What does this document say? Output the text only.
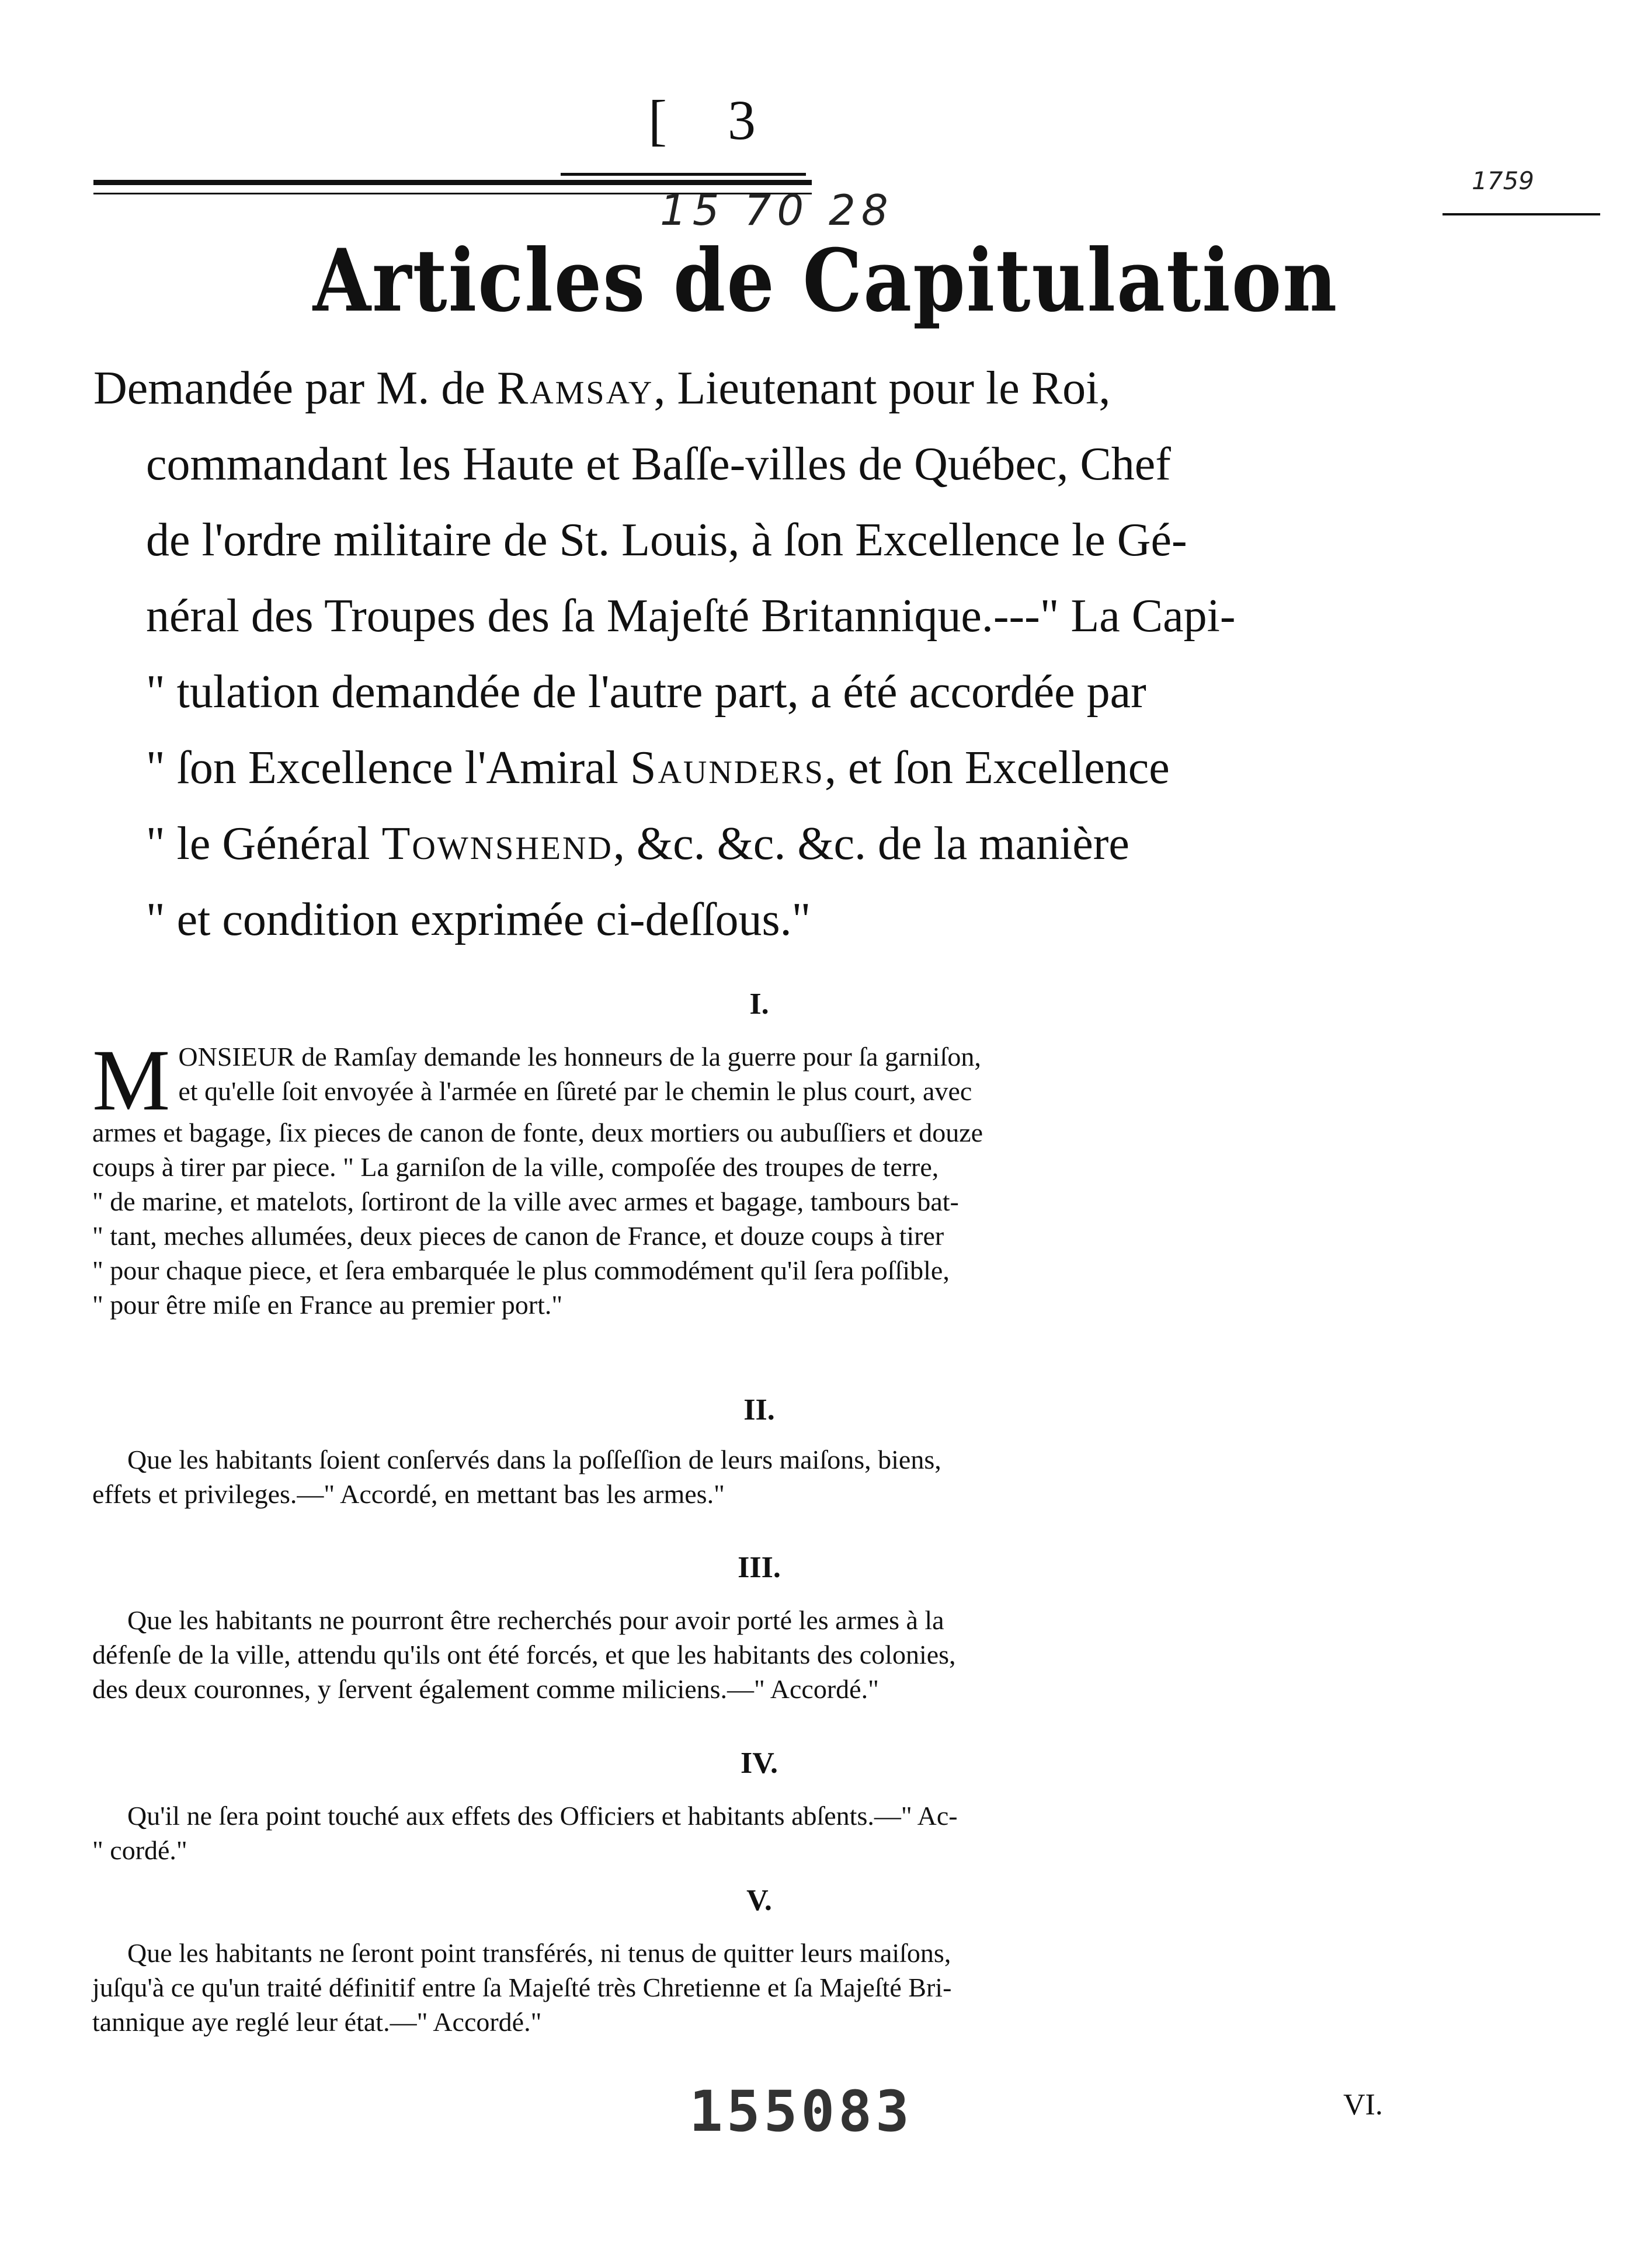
[ 3
15 70 28
1759
Articles de Capitulation
Demandée par M. de Ramsay, Lieutenant pour le Roi,
commandant les Haute et Baſſe-villes de Québec, Chef
de l'ordre militaire de St. Louis, à ſon Excellence le Gé-
néral des Troupes des ſa Majeſté Britannique.---" La Capi-
" tulation demandée de l'autre part, a été accordée par
" ſon Excellence l'Amiral Saunders, et ſon Excellence
" le Général Townshend, &c. &c. &c. de la manière
" et condition exprimée ci-deſſous."
I.
M ONSIEUR de Ramſay demande les honneurs de la guerre pour ſa garniſon,
et qu'elle ſoit envoyée à l'armée en ſûreté par le chemin le plus court, avec
armes et bagage, ſix pieces de canon de fonte, deux mortiers ou aubuſſiers et douze
coups à tirer par piece. " La garniſon de la ville, compoſée des troupes de terre,
" de marine, et matelots, ſortiront de la ville avec armes et bagage, tambours bat-
" tant, meches allumées, deux pieces de canon de France, et douze coups à tirer
" pour chaque piece, et ſera embarquée le plus commodément qu'il ſera poſſible,
" pour être miſe en France au premier port."
II.
Que les habitants ſoient conſervés dans la poſſeſſion de leurs maiſons, biens,
effets et privileges.—" Accordé, en mettant bas les armes."
III.
Que les habitants ne pourront être recherchés pour avoir porté les armes à la
défenſe de la ville, attendu qu'ils ont été forcés, et que les habitants des colonies,
des deux couronnes, y ſervent également comme miliciens.—" Accordé."
IV.
Qu'il ne ſera point touché aux effets des Officiers et habitants abſents.—" Ac-
" cordé."
V.
Que les habitants ne ſeront point transférés, ni tenus de quitter leurs maiſons,
juſqu'à ce qu'un traité définitif entre ſa Majeſté très Chretienne et ſa Majeſté Bri-
tannique aye reglé leur état.—" Accordé."
155083	VI.
